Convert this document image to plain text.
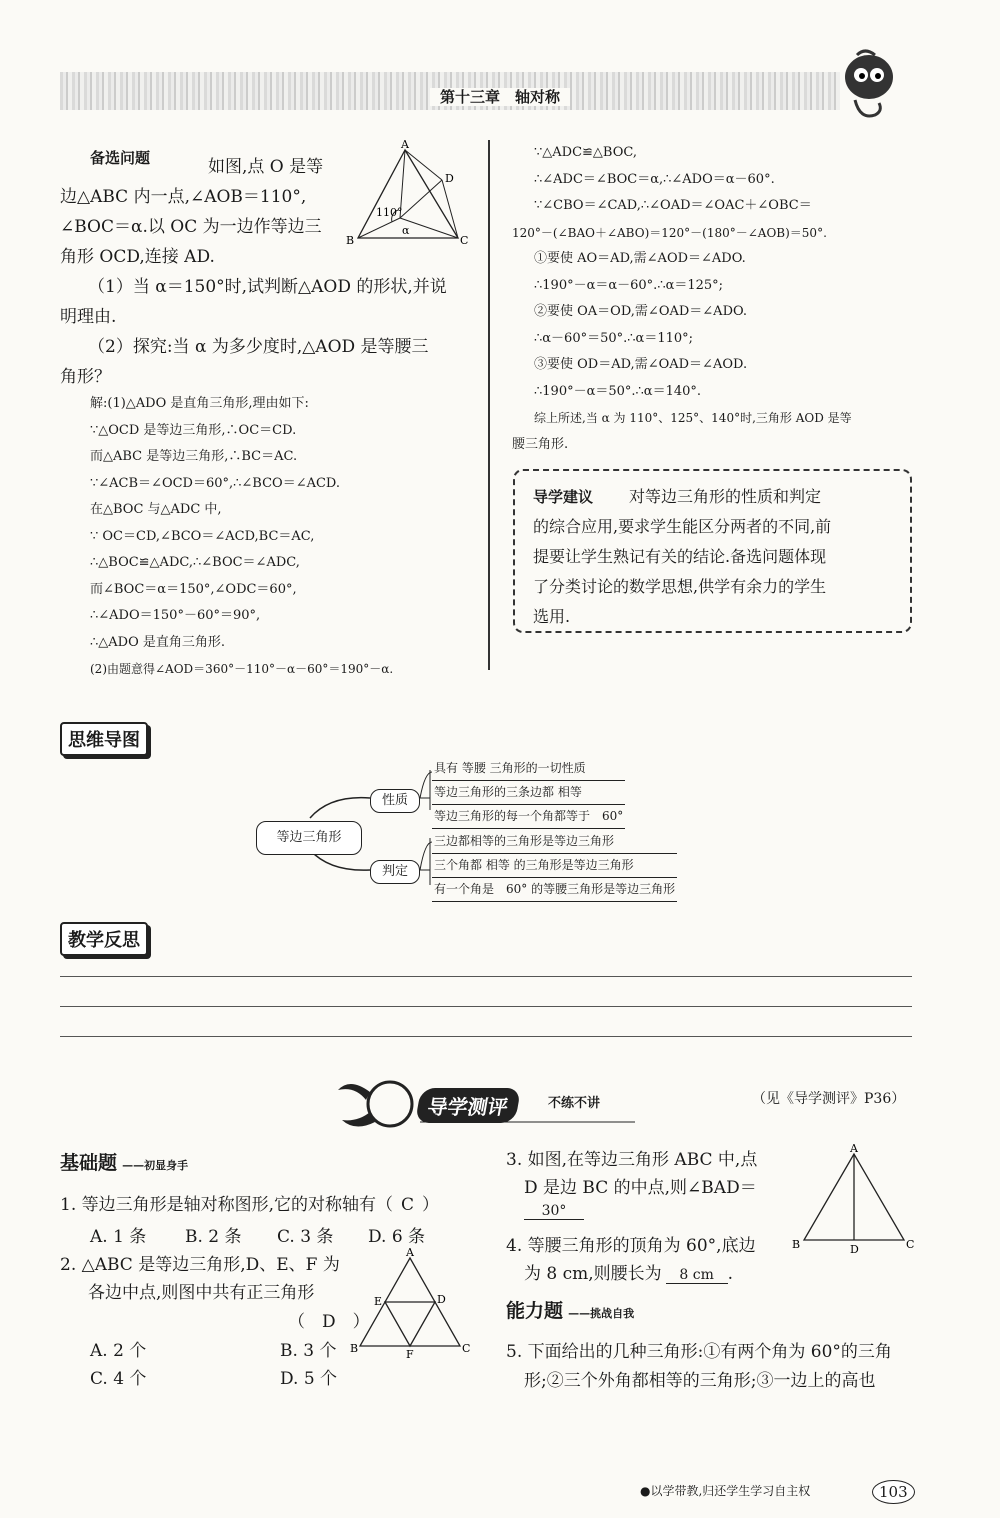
第十三章　轴对称
备选问题	如图,点 O 是等
边△ABC 内一点,∠AOB＝110°,
∠BOC＝α.以 OC 为一边作等边三
角形 OCD,连接 AD.
（1）当 α＝150°时,试判断△AOD 的形状,并说
明理由.
（2）探究:当 α 为多少度时,△AOD 是等腰三
角形？
A
B	C
D
110°
α
解:(1)△ADO 是直角三角形,理由如下:
∵△OCD 是等边三角形,∴OC＝CD.
而△ABC 是等边三角形,∴BC＝AC.
∵∠ACB＝∠OCD＝60°,∴∠BCO＝∠ACD.
在△BOC 与△ADC 中,
∵ OC＝CD,∠BCO＝∠ACD,BC＝AC,
∴△BOC≌△ADC,∴∠BOC＝∠ADC,
而∠BOC＝α＝150°,∠ODC＝60°,
∴∠ADO＝150°－60°＝90°,
∴△ADO 是直角三角形.
(2)由题意得∠AOD＝360°－110°－α－60°＝190°－α.
∵△ADC≌△BOC,
∴∠ADC＝∠BOC＝α,∴∠ADO＝α－60°.
∵∠CBO＝∠CAD,∴∠OAD＝∠OAC＋∠OBC＝
120°－(∠BAO＋∠ABO)＝120°－(180°－∠AOB)＝50°.
①要使 AO＝AD,需∠AOD＝∠ADO.
∴190°－α＝α－60°.∴α＝125°;
②要使 OA＝OD,需∠OAD＝∠ADO.
∴α－60°＝50°.∴α＝110°;
③要使 OD＝AD,需∠OAD＝∠AOD.
∴190°－α＝50°.∴α＝140°.
综上所述,当 α 为 110°、125°、140°时,三角形 AOD 是等
腰三角形.
导学建议 对等边三角形的性质和判定
的综合应用,要求学生能区分两者的不同,前
提要让学生熟记有关的结论.备选问题体现
了分类讨论的数学思想,供学有余力的学生
选用.
思维导图
等边三角形
性质
判定
具有 等腰 三角形的一切性质
等边三角形的三条边都 相等
等边三角形的每一个角都等于　60°
三边都相等的三角形是等边三角形
三个角都 相等 的三角形是等边三角形
有一个角是　60° 的等腰三角形是等边三角形
教学反思
导学测评	不练不讲	（见《导学测评》P36）
基础题 ——初显身手
1. 等边三角形是轴对称图形,它的对称轴有（ C ）
A. 1 条 B. 2 条 C. 3 条 D. 6 条
2. △ABC 是等边三角形,D、E、F 为
各边中点,则图中共有正三角形
（　D　）
A. 2 个	B. 3 个
C. 4 个	D. 5 个
A
B	C
D
E
F
3. 如图,在等边三角形 ABC 中,点
D 是边 BC 的中点,则∠BAD＝
30°
4. 等腰三角形的顶角为 60°,底边
为 8 cm,则腰长为 8 cm .
A
B	C
D
能力题 ——挑战自我
5. 下面给出的几种三角形:①有两个角为 60°的三角
形;②三个外角都相等的三角形;③一边上的高也
●以学带教,归还学生学习自主权	103
